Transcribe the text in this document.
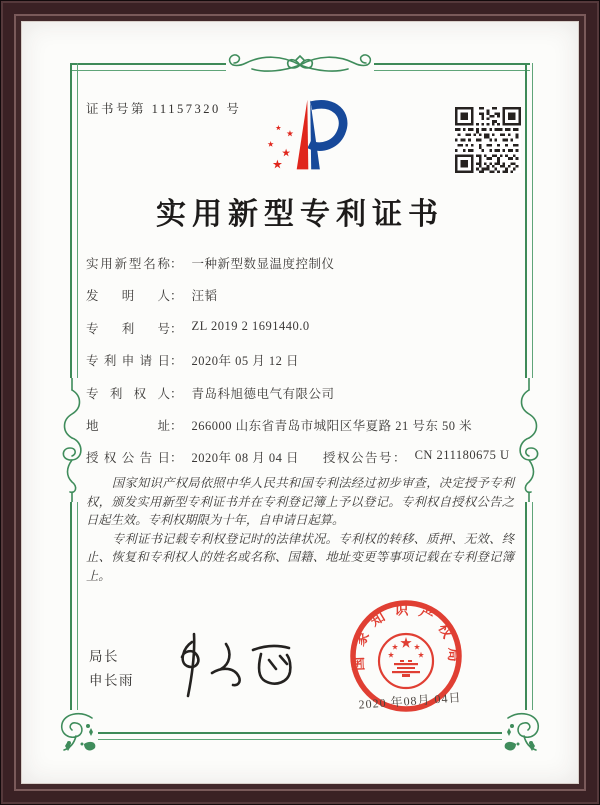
证书号第 11157320 号
实用新型专利证书
实用新型名称： 一种新型数显温度控制仪
发明人： 汪韬
专利号： ZL 2019 2 1691440.0
专利申请日： 2020年 05 月 12 日
专利权人： 青岛科旭德电气有限公司
地址： 266000 山东省青岛市城阳区华夏路 21 号东 50 米
授权公告日： 2020年 08 月 04 日 授权公告号： CN 211180675 U

国家知识产权局依照中华人民共和国专利法经过初步审查，决定授予专利权，颁发实用新型专利证书并在专利登记簿上予以登记。专利权自授权公告之日起生效。专利权期限为十年，自申请日起算。

专利证书记载专利权登记时的法律状况。专利权的转移、质押、无效、终止、恢复和专利权人的姓名或名称、国籍、地址变更等事项记载在专利登记簿上。

局长
申长雨
国家知识产权局
2020 年08月 04日
